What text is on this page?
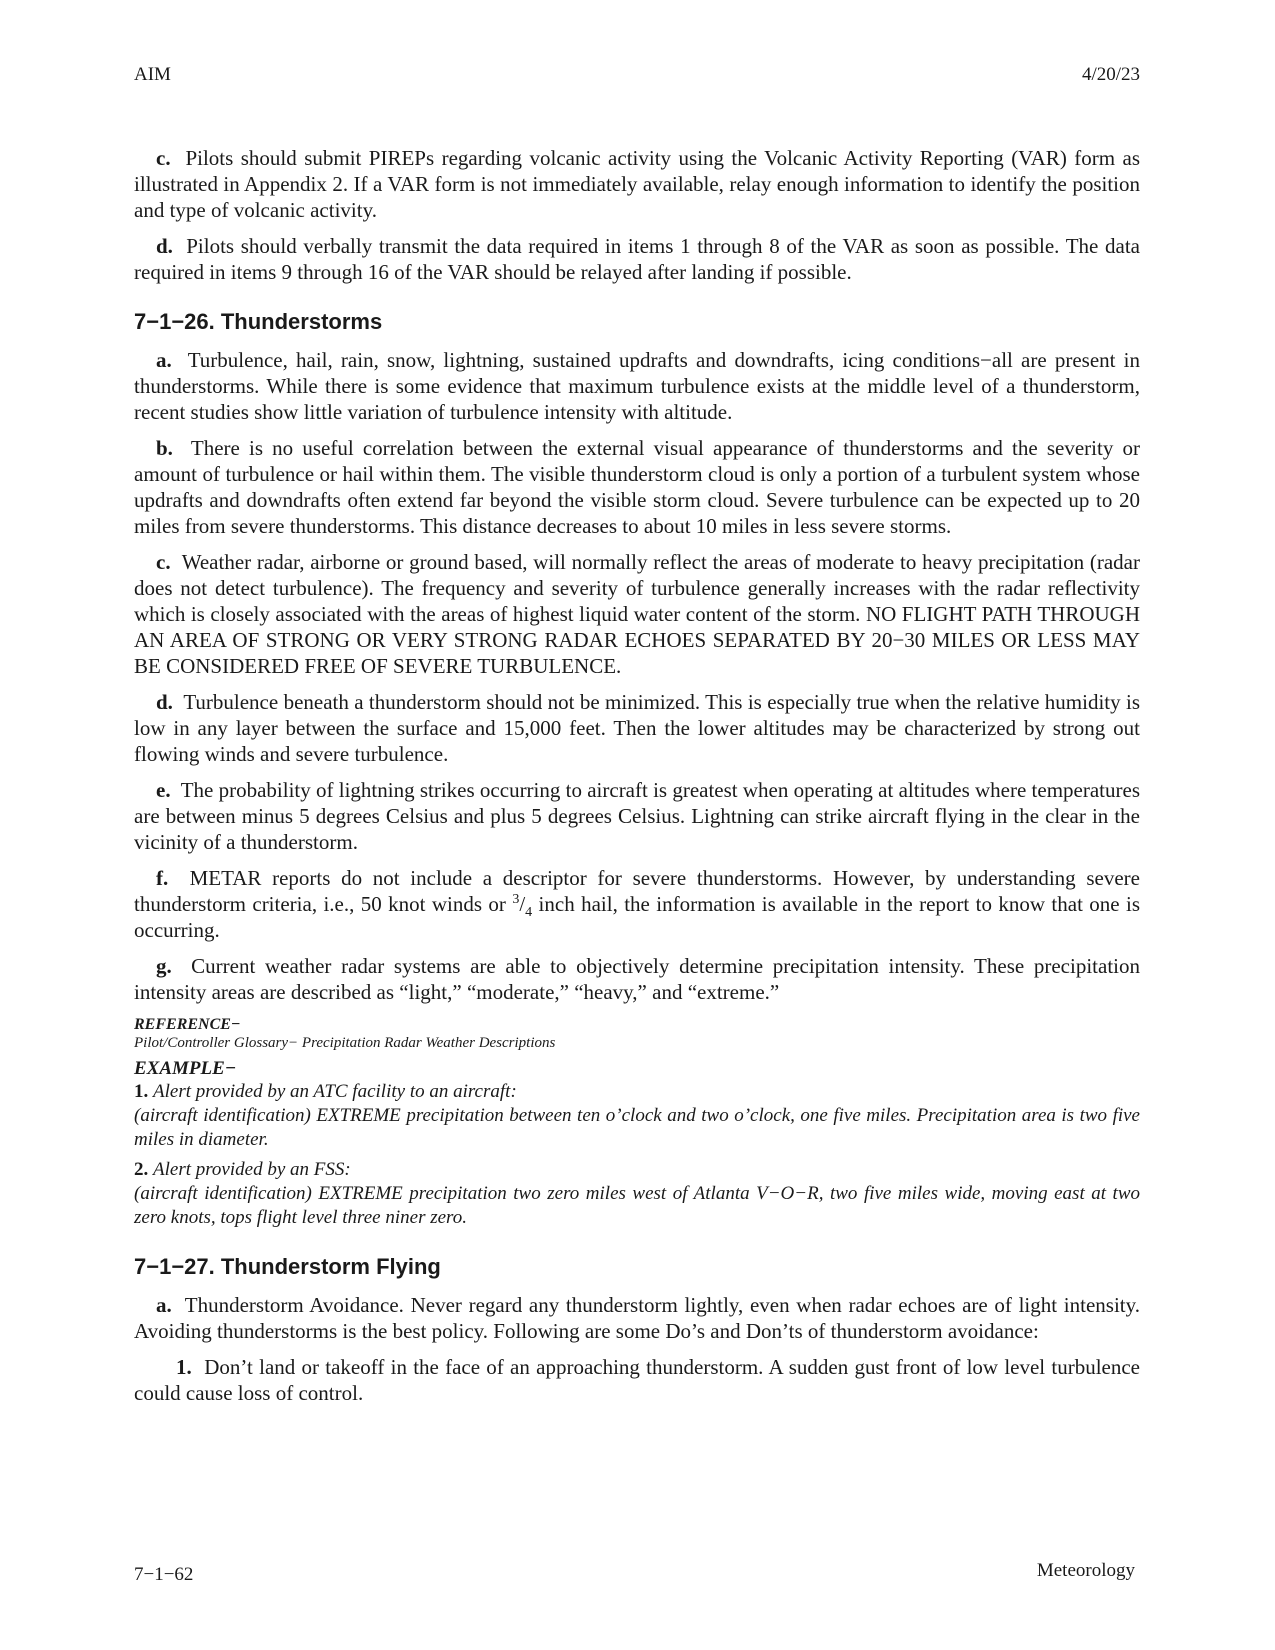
AIM	4/20/23

c. Pilots should submit PIREPs regarding volcanic activity using the Volcanic Activity Reporting (VAR) form as illustrated in Appendix 2. If a VAR form is not immediately available, relay enough information to identify the position and type of volcanic activity.

d. Pilots should verbally transmit the data required in items 1 through 8 of the VAR as soon as possible. The data required in items 9 through 16 of the VAR should be relayed after landing if possible.

7−1−26. Thunderstorms

a. Turbulence, hail, rain, snow, lightning, sustained updrafts and downdrafts, icing conditions−all are present in thunderstorms. While there is some evidence that maximum turbulence exists at the middle level of a thunderstorm, recent studies show little variation of turbulence intensity with altitude.

b. There is no useful correlation between the external visual appearance of thunderstorms and the severity or amount of turbulence or hail within them. The visible thunderstorm cloud is only a portion of a turbulent system whose updrafts and downdrafts often extend far beyond the visible storm cloud. Severe turbulence can be expected up to 20 miles from severe thunderstorms. This distance decreases to about 10 miles in less severe storms.

c. Weather radar, airborne or ground based, will normally reflect the areas of moderate to heavy precipitation (radar does not detect turbulence). The frequency and severity of turbulence generally increases with the radar reflectivity which is closely associated with the areas of highest liquid water content of the storm. NO FLIGHT PATH THROUGH AN AREA OF STRONG OR VERY STRONG RADAR ECHOES SEPARATED BY 20−30 MILES OR LESS MAY BE CONSIDERED FREE OF SEVERE TURBULENCE.

d. Turbulence beneath a thunderstorm should not be minimized. This is especially true when the relative humidity is low in any layer between the surface and 15,000 feet. Then the lower altitudes may be characterized by strong out flowing winds and severe turbulence.

e. The probability of lightning strikes occurring to aircraft is greatest when operating at altitudes where temperatures are between minus 5 degrees Celsius and plus 5 degrees Celsius. Lightning can strike aircraft flying in the clear in the vicinity of a thunderstorm.

f. METAR reports do not include a descriptor for severe thunderstorms. However, by understanding severe thunderstorm criteria, i.e., 50 knot winds or $^3/_4$ inch hail, the information is available in the report to know that one is occurring.

g. Current weather radar systems are able to objectively determine precipitation intensity. These precipitation intensity areas are described as “light,” “moderate,” “heavy,” and “extreme.”

REFERENCE−

Pilot/Controller Glossary− Precipitation Radar Weather Descriptions

EXAMPLE−

1. Alert provided by an ATC facility to an aircraft:
(aircraft identification) EXTREME precipitation between ten o’clock and two o’clock, one five miles. Precipitation area is two five miles in diameter.
2. Alert provided by an FSS:
(aircraft identification) EXTREME precipitation two zero miles west of Atlanta V−O−R, two five miles wide, moving east at two zero knots, tops flight level three niner zero.
7−1−27. Thunderstorm Flying

a. Thunderstorm Avoidance. Never regard any thunderstorm lightly, even when radar echoes are of light intensity. Avoiding thunderstorms is the best policy. Following are some Do’s and Don’ts of thunderstorm avoidance:

1. Don’t land or takeoff in the face of an approaching thunderstorm. A sudden gust front of low level turbulence could cause loss of control.

7−1−62	Meteorology
